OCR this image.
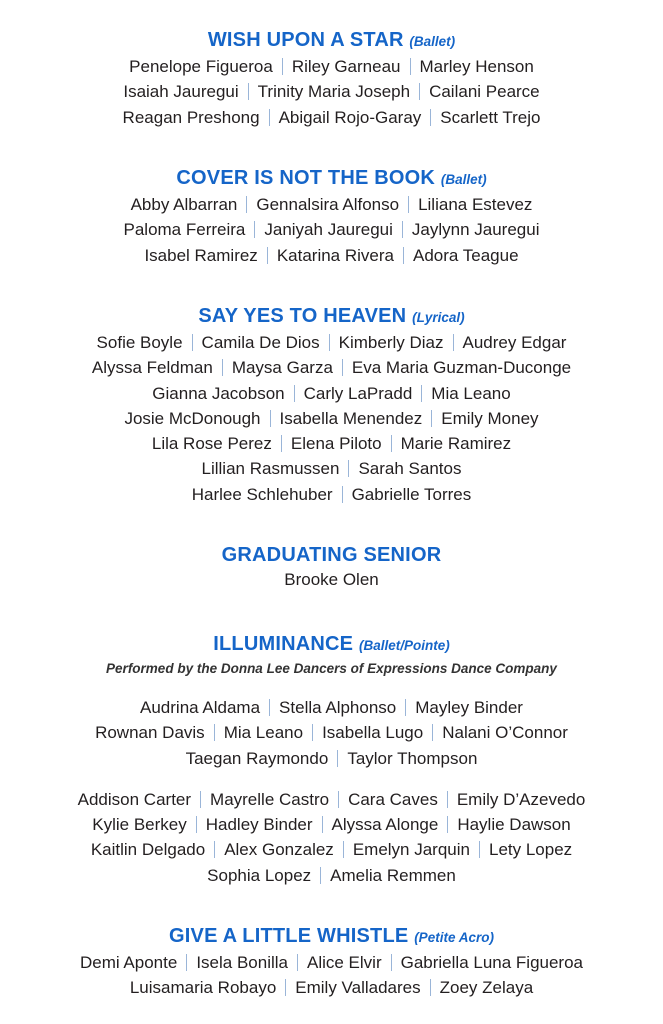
WISH UPON A STAR (Ballet)
Penelope Figueroa Riley Garneau Marley Henson
Isaiah Jauregui Trinity Maria Joseph Cailani Pearce
Reagan Preshong Abigail Rojo-Garay Scarlett Trejo
COVER IS NOT THE BOOK (Ballet)
Abby Albarran Gennalsira Alfonso Liliana Estevez
Paloma Ferreira Janiyah Jauregui Jaylynn Jauregui
Isabel Ramirez Katarina Rivera Adora Teague
SAY YES TO HEAVEN (Lyrical)
Sofie Boyle Camila De Dios Kimberly Diaz Audrey Edgar
Alyssa Feldman Maysa Garza Eva Maria Guzman-Duconge
Gianna Jacobson Carly LaPradd Mia Leano
Josie McDonough Isabella Menendez Emily Money
Lila Rose Perez Elena Piloto Marie Ramirez
Lillian Rasmussen Sarah Santos
Harlee Schlehuber Gabrielle Torres
GRADUATING SENIOR
Brooke Olen
ILLUMINANCE (Ballet/Pointe)
Performed by the Donna Lee Dancers of Expressions Dance Company
Audrina Aldama Stella Alphonso Mayley Binder
Rownan Davis Mia Leano Isabella Lugo Nalani O’Connor
Taegan Raymondo Taylor Thompson
Addison Carter Mayrelle Castro Cara Caves Emily D’Azevedo
Kylie Berkey Hadley Binder Alyssa Alonge Haylie Dawson
Kaitlin Delgado Alex Gonzalez Emelyn Jarquin Lety Lopez
Sophia Lopez Amelia Remmen
GIVE A LITTLE WHISTLE (Petite Acro)
Demi Aponte Isela Bonilla Alice Elvir Gabriella Luna Figueroa
Luisamaria Robayo Emily Valladares Zoey Zelaya
